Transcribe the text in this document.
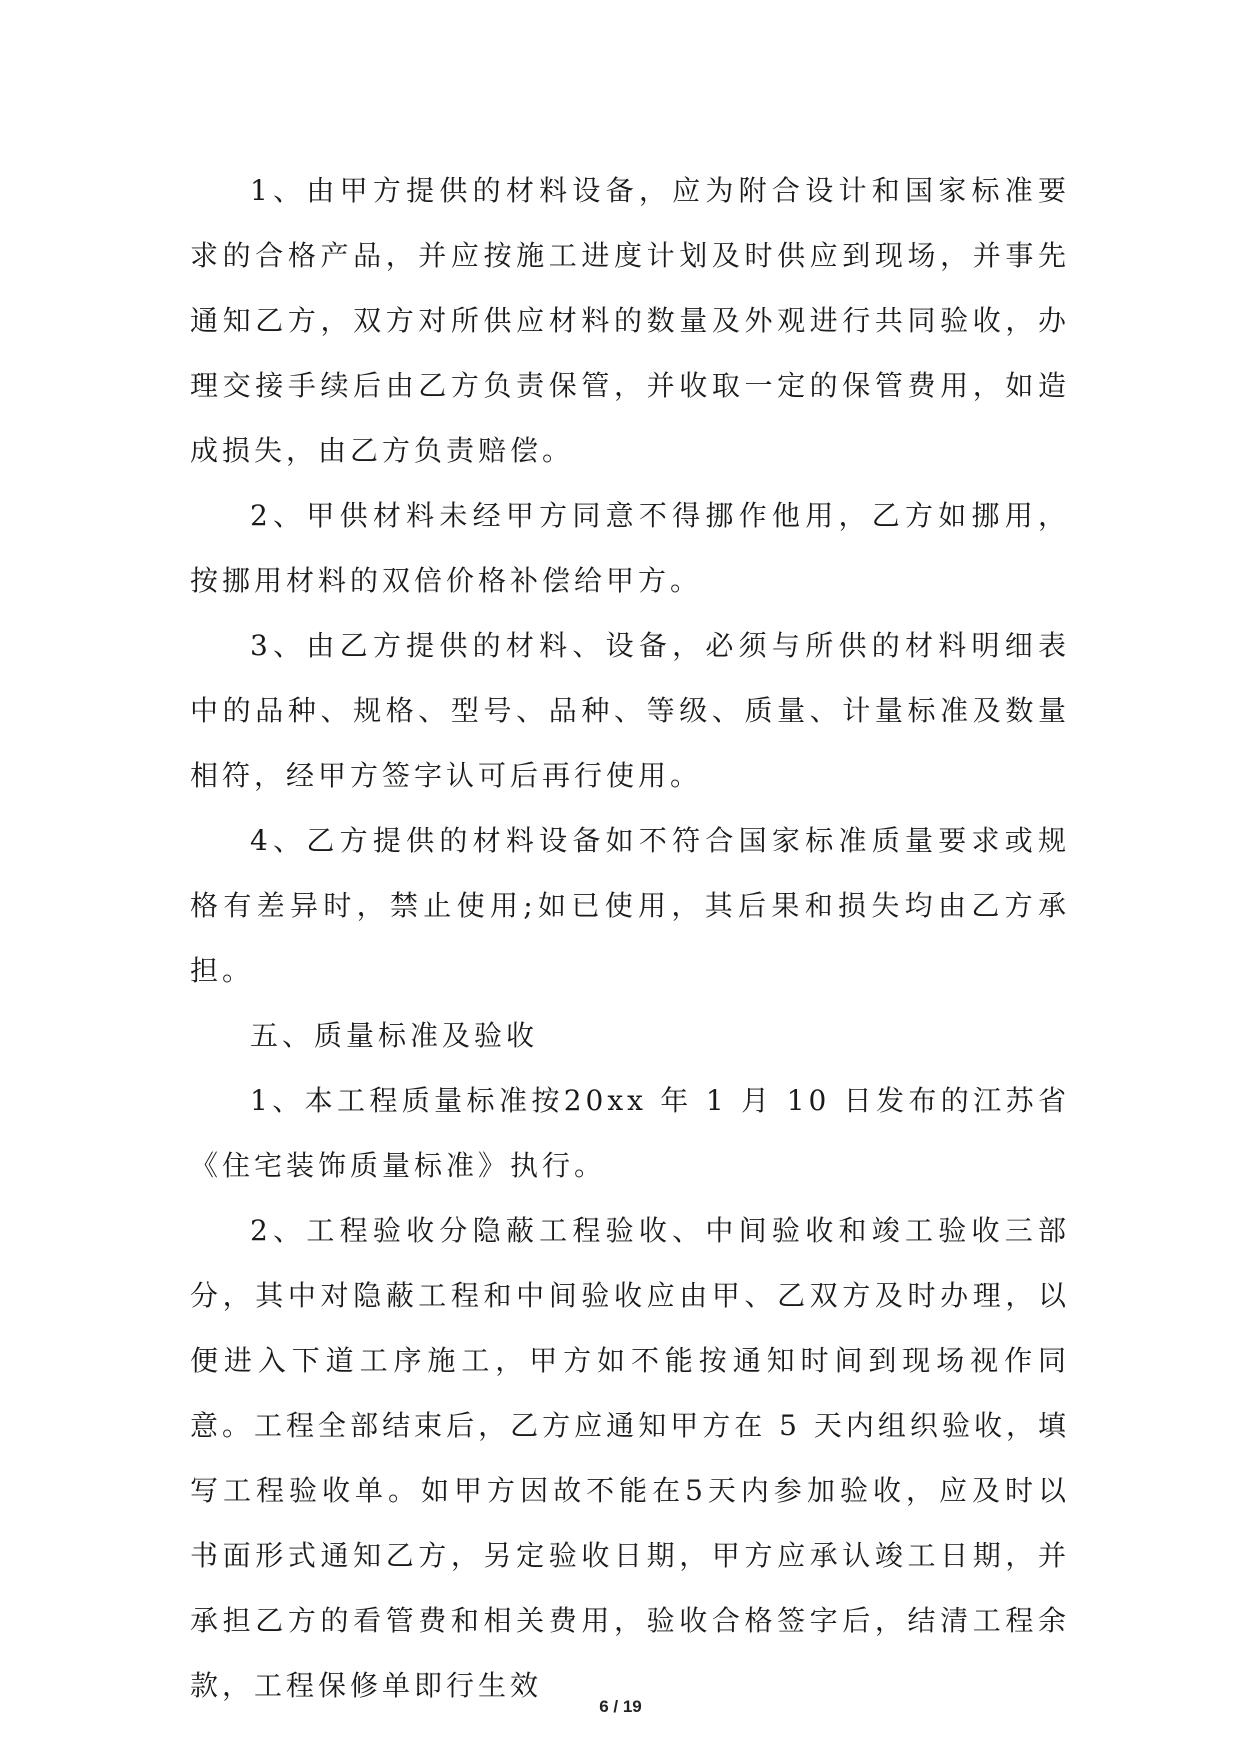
1、由甲方提供的材料设备，应为附合设计和国家标准要求的合格产品，并应按施工进度计划及时供应到现场，并事先通知乙方，双方对所供应材料的数量及外观进行共同验收，办理交接手续后由乙方负责保管，并收取一定的保管费用，如造成损失，由乙方负责赔偿。

2、甲供材料未经甲方同意不得挪作他用，乙方如挪用，按挪用材料的双倍价格补偿给甲方。

3、由乙方提供的材料、设备，必须与所供的材料明细表中的品种、规格、型号、品种、等级、质量、计量标准及数量相符，经甲方签字认可后再行使用。

4、乙方提供的材料设备如不符合国家标准质量要求或规格有差异时，禁止使用;如已使用，其后果和损失均由乙方承担。

五、质量标准及验收

1、本工程质量标准按20xx 年 1 月 10 日发布的江苏省《住宅装饰质量标准》执行。

2、工程验收分隐蔽工程验收、中间验收和竣工验收三部分，其中对隐蔽工程和中间验收应由甲、乙双方及时办理，以便进入下道工序施工，甲方如不能按通知时间到现场视作同意。工程全部结束后，乙方应通知甲方在 5 天内组织验收，填写工程验收单。如甲方因故不能在5天内参加验收，应及时以书面形式通知乙方，另定验收日期，甲方应承认竣工日期，并承担乙方的看管费和相关费用，验收合格签字后，结清工程余款，工程保修单即行生效

6 / 19
